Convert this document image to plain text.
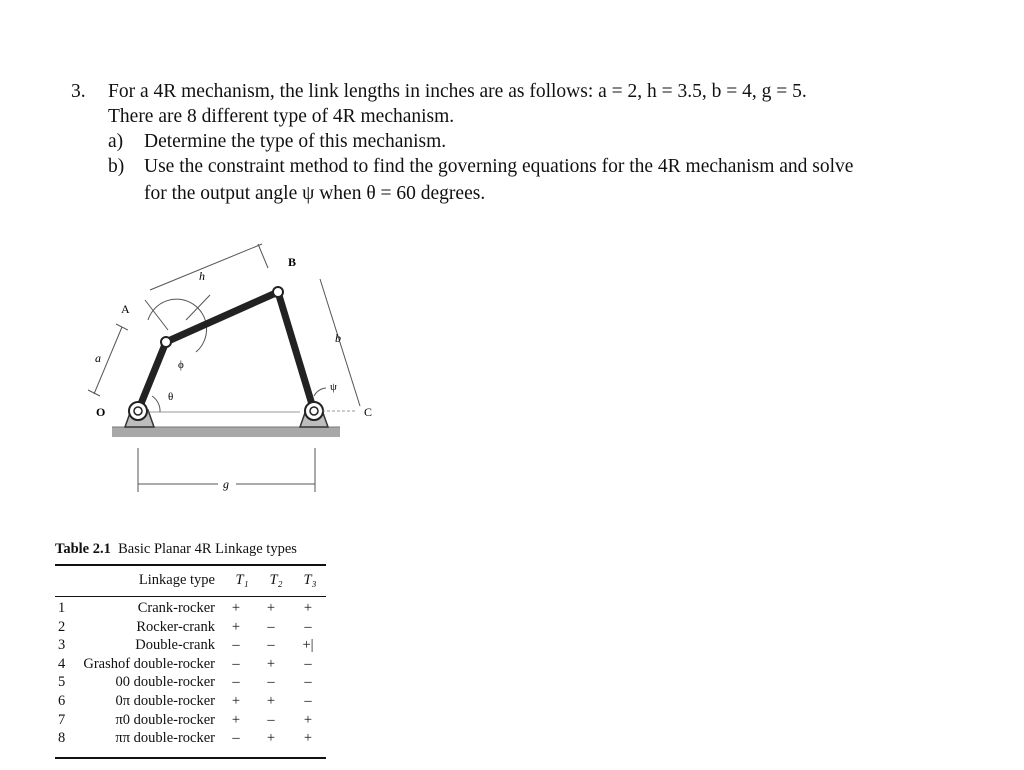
3. For a 4R mechanism, the link lengths in inches are as follows: a = 2, h = 3.5, b = 4, g = 5.
There are 8 different type of 4R mechanism.
a) Determine the type of this mechanism.
b) Use the constraint method to find the governing equations for the 4R mechanism and solve
for the output angle ψ when θ = 60 degrees.
A
B
C
O
h
a
b
g
ϕ
θ
ψ

Table 2.1 Basic Planar 4R Linkage types

Linkage type	T₁	T₂	T₃
1	Crank-rocker + + +
2	Rocker-crank + – –
3	Double-crank – – +|
4 Grashof double-rocker – + –
5	00 double-rocker – – –
6	0π double-rocker + + –
7	π0 double-rocker + – +
8	ππ double-rocker – + +
